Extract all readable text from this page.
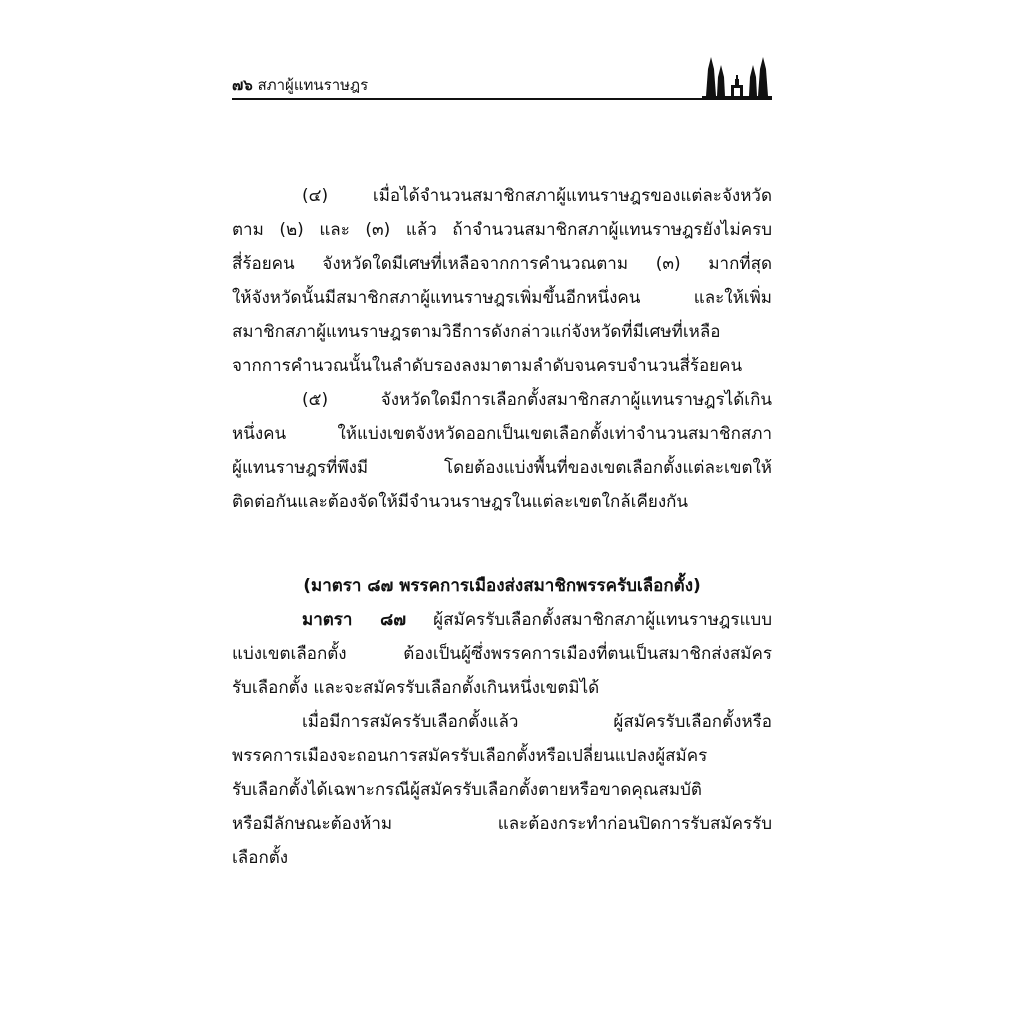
๗๖ สภาผู้แทนราษฎร
(๔) เมื่อได้จำนวนสมาชิกสภาผู้แทนราษฎรของแต่ละจังหวัด
ตาม (๒) และ (๓) แล้ว ถ้าจำนวนสมาชิกสภาผู้แทนราษฎรยังไม่ครบ
สี่ร้อยคน จังหวัดใดมีเศษที่เหลือจากการคำนวณตาม (๓) มากที่สุด
ให้จังหวัดนั้นมีสมาชิกสภาผู้แทนราษฎรเพิ่มขึ้นอีกหนึ่งคน และให้เพิ่ม
สมาชิกสภาผู้แทนราษฎรตามวิธีการดังกล่าวแก่จังหวัดที่มีเศษที่เหลือ
จากการคำนวณนั้นในลำดับรองลงมาตามลำดับจนครบจำนวนสี่ร้อยคน
(๕) จังหวัดใดมีการเลือกตั้งสมาชิกสภาผู้แทนราษฎรได้เกิน
หนึ่งคน ให้แบ่งเขตจังหวัดออกเป็นเขตเลือกตั้งเท่าจำนวนสมาชิกสภา
ผู้แทนราษฎรที่พึงมี โดยต้องแบ่งพื้นที่ของเขตเลือกตั้งแต่ละเขตให้
ติดต่อกันและต้องจัดให้มีจำนวนราษฎรในแต่ละเขตใกล้เคียงกัน
(มาตรา ๘๗ พรรคการเมืองส่งสมาชิกพรรครับเลือกตั้ง)
มาตรา ๘๗ ผู้สมัครรับเลือกตั้งสมาชิกสภาผู้แทนราษฎรแบบ
แบ่งเขตเลือกตั้ง ต้องเป็นผู้ซึ่งพรรคการเมืองที่ตนเป็นสมาชิกส่งสมัคร
รับเลือกตั้ง และจะสมัครรับเลือกตั้งเกินหนึ่งเขตมิได้
เมื่อมีการสมัครรับเลือกตั้งแล้ว ผู้สมัครรับเลือกตั้งหรือ
พรรคการเมืองจะถอนการสมัครรับเลือกตั้งหรือเปลี่ยนแปลงผู้สมัคร
รับเลือกตั้งได้เฉพาะกรณีผู้สมัครรับเลือกตั้งตายหรือขาดคุณสมบัติ
หรือมีลักษณะต้องห้าม และต้องกระทำก่อนปิดการรับสมัครรับ
เลือกตั้ง
